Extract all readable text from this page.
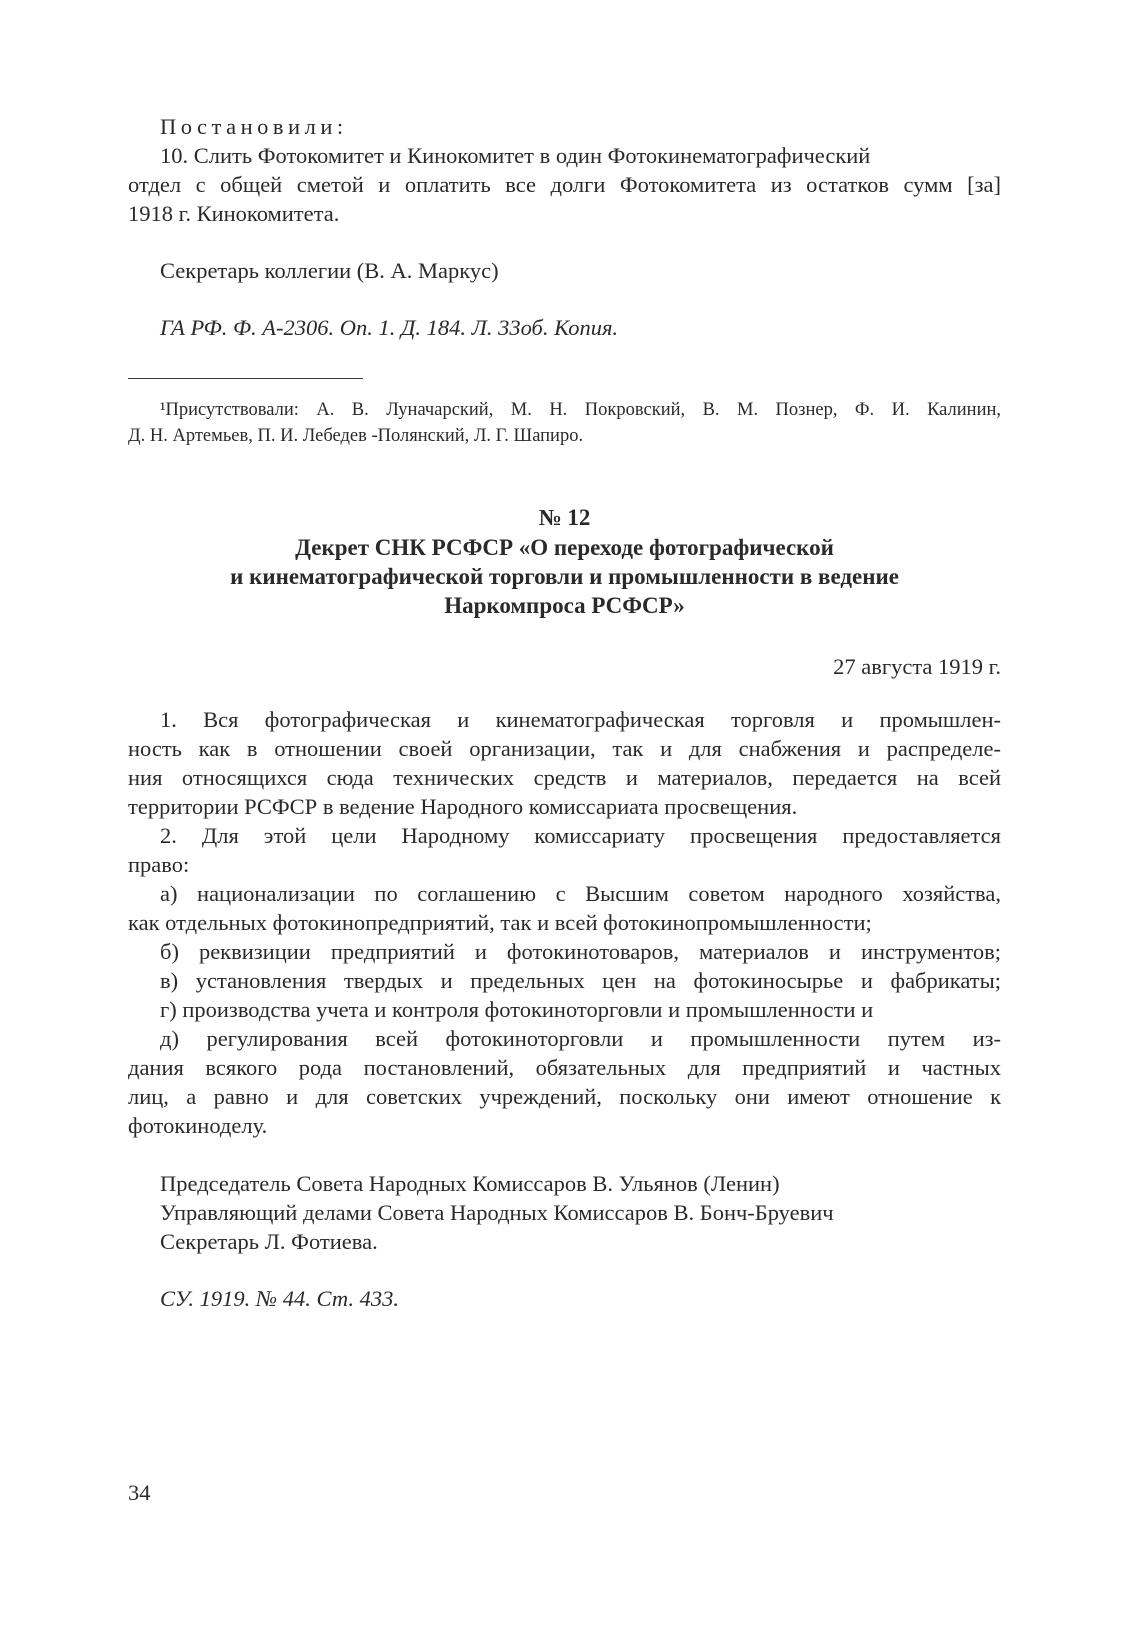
Постановили:
10. Слить Фотокомитет и Кинокомитет в один Фотокинематографический
отдел с общей сметой и оплатить все долги Фотокомитета из остатков сумм [за]
1918 г. Кинокомитета.
Секретарь коллегии (В. А. Маркус)
ГА РФ. Ф. А-2306. Оп. 1. Д. 184. Л. 33об. Копия.
¹Присутствовали: А. В. Луначарский, М. Н. Покровский, В. М. Познер, Ф. И. Калинин,
Д. Н. Артемьев, П. И. Лебедев -Полянский, Л. Г. Шапиро.
№ 12
Декрет СНК РСФСР «О переходе фотографической
и кинематографической торговли и промышленности в ведение
Наркомпроса РСФСР»
27 августа 1919 г.
1. Вся фотографическая и кинематографическая торговля и промышлен-
ность как в отношении своей организации, так и для снабжения и распределе-
ния относящихся сюда технических средств и материалов, передается на всей
территории РСФСР в ведение Народного комиссариата просвещения.
2. Для этой цели Народному комиссариату просвещения предоставляется
право:
а) национализации по соглашению с Высшим советом народного хозяйства,
как отдельных фотокинопредприятий, так и всей фотокинопромышленности;
б) реквизиции предприятий и фотокинотоваров, материалов и инструментов;
в) установления твердых и предельных цен на фотокиносырье и фабрикаты;
г) производства учета и контроля фотокиноторговли и промышленности и
д) регулирования всей фотокиноторговли и промышленности путем из-
дания всякого рода постановлений, обязательных для предприятий и частных
лиц, а равно и для советских учреждений, поскольку они имеют отношение к
фотокиноделу.
Председатель Совета Народных Комиссаров В. Ульянов (Ленин)
Управляющий делами Совета Народных Комиссаров В. Бонч-Бруевич
Секретарь Л. Фотиева.
СУ. 1919. № 44. Ст. 433.
34
